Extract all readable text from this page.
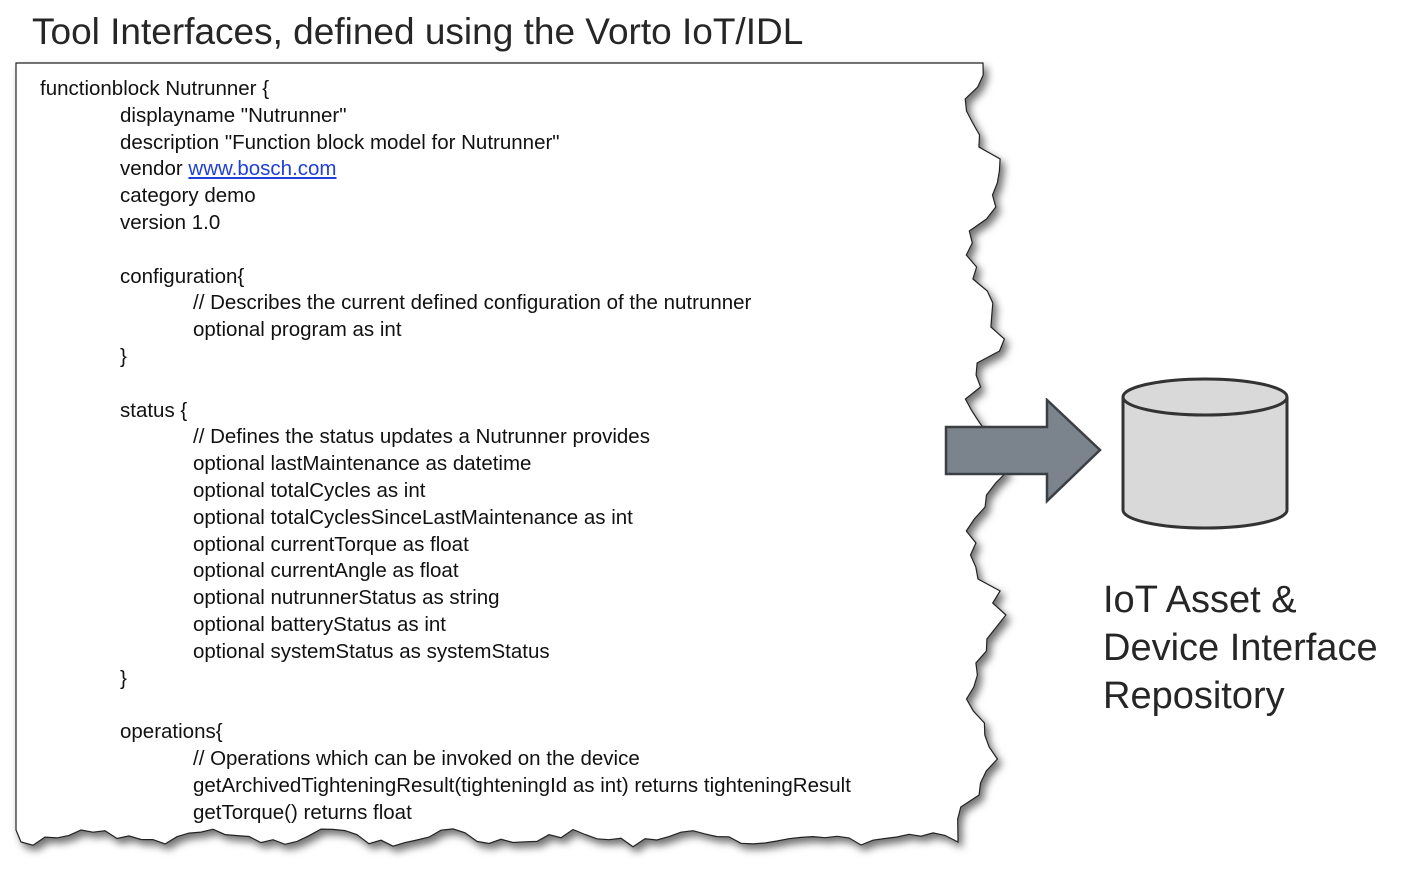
Tool Interfaces, defined using the Vorto IoT/IDL
functionblock Nutrunner {
displayname "Nutrunner"
description "Function block model for Nutrunner"
vendor www.bosch.com
category demo
version 1.0
configuration{
// Describes the current defined configuration of the nutrunner
optional program as int
}
status {
// Defines the status updates a Nutrunner provides
optional lastMaintenance as datetime
optional totalCycles as int
optional totalCyclesSinceLastMaintenance as int
optional currentTorque as float
optional currentAngle as float
optional nutrunnerStatus as string
optional batteryStatus as int
optional systemStatus as systemStatus
}
operations{
// Operations which can be invoked on the device
getArchivedTighteningResult(tighteningId as int) returns tighteningResult
getTorque() returns float
IoT Asset &
Device Interface
Repository
